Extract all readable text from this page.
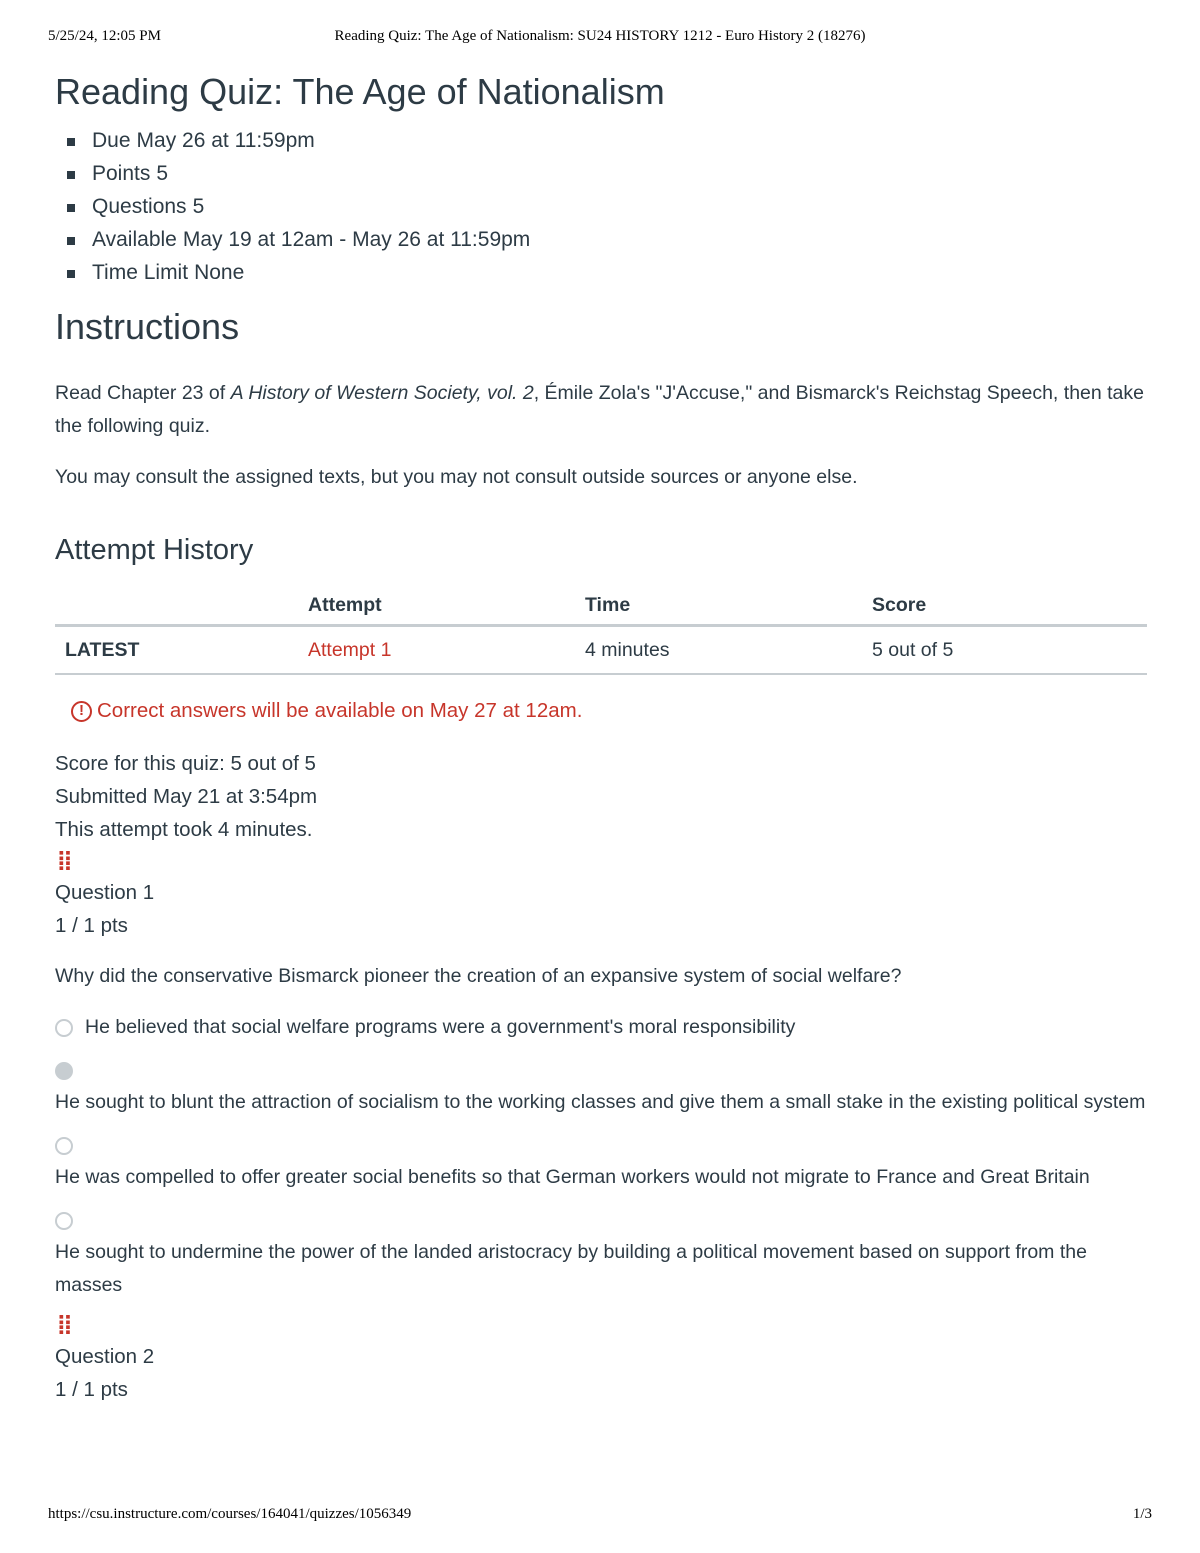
5/25/24, 12:05 PM	Reading Quiz: The Age of Nationalism: SU24 HISTORY 1212 - Euro History 2 (18276)
Reading Quiz: The Age of Nationalism
Due May 26 at 11:59pm
Points 5
Questions 5
Available May 19 at 12am - May 26 at 11:59pm
Time Limit None
Instructions

Read Chapter 23 of A History of Western Society, vol. 2, Émile Zola's "J'Accuse," and Bismarck's Reichstag Speech, then take the following quiz.

You may consult the assigned texts, but you may not consult outside sources or anyone else.

Attempt History
	Attempt	Time	Score
LATEST	Attempt 1	4 minutes	5 out of 5
! Correct answers will be available on May 27 at 12am.
Score for this quiz: 5 out of 5
Submitted May 21 at 3:54pm
This attempt took 4 minutes.
⁞⁞
Question 1
1 / 1 pts
Why did the conservative Bismarck pioneer the creation of an expansive system of social welfare?
He believed that social welfare programs were a government's moral responsibility
He sought to blunt the attraction of socialism to the working classes and give them a small stake in the existing political system
He was compelled to offer greater social benefits so that German workers would not migrate to France and Great Britain
He sought to undermine the power of the landed aristocracy by building a political movement based on support from the masses
⁞⁞
Question 2
1 / 1 pts
https://csu.instructure.com/courses/164041/quizzes/1056349	1/3
